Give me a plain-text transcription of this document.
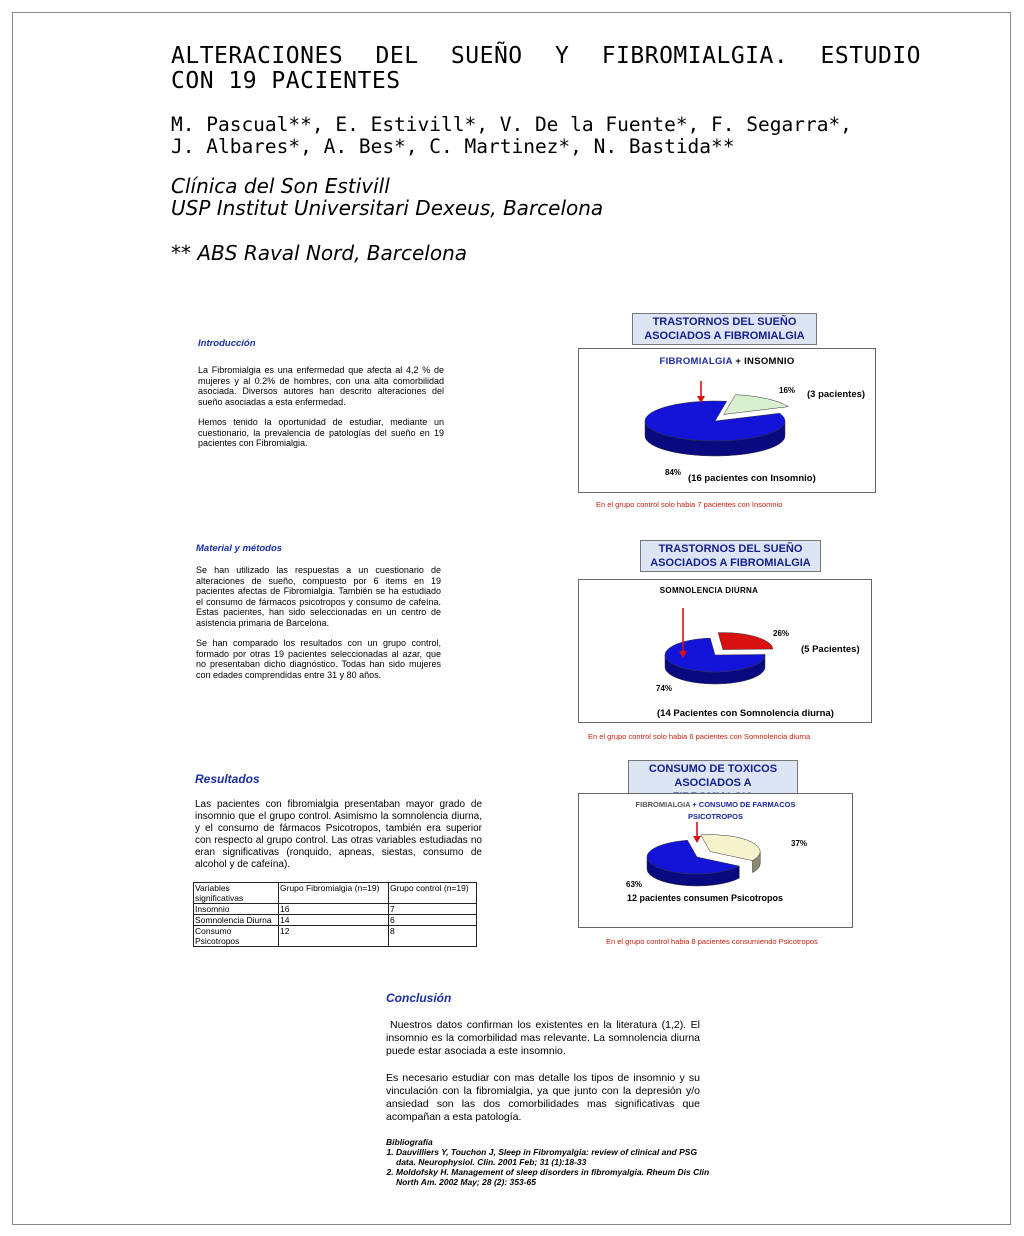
ALTERACIONES DEL SUEÑO Y FIBROMIALGIA. ESTUDIO
CON 19 PACIENTES
M. Pascual**, E. Estivill*, V. De la Fuente*, F. Segarra*,
J. Albares*, A. Bes*, C. Martinez*, N. Bastida**
Clínica del Son Estivill
USP Institut Universitari Dexeus, Barcelona
** ABS Raval Nord, Barcelona
Introducción

La Fibromialgia es una enfermedad que afecta al 4,2 % de mujeres y al 0.2% de hombres, con una alta comorbilidad asociada. Diversos autores han descrito alteraciones del sueño asociadas a esta enfermedad.

Hemos tenido la oportunidad de estudiar, mediante un cuestionario, la prevalencia de patologías del sueño en 19 pacientes con Fibromialgia.

Material y métodos

Se han utilizado las respuestas a un cuestionario de alteraciones de sueño, compuesto por 6 items en 19 pacientes afectas de Fibromialgia. También se ha estudiado el consumo de fármacos psicotropos y consumo de cafeína. Estas pacientes, han sido seleccionadas en un centro de asistencia primaria de Barcelona.

Se han comparado los resultados con un grupo control, formado por otras 19 pacientes seleccionadas al azar, que no presentaban dicho diagnóstico. Todas han sido mujeres con edades comprendidas entre 31 y 80 años.

Resultados

Las pacientes con fibromialgia presentaban mayor grado de insomnio que el grupo control. Asimismo la somnolencia diurna, y el consumo de fármacos Psicotropos, también era superior con respecto al grupo control. Las otras variables estudiadas no eran significativas (ronquido, apneas, siestas, consumo de alcohol y de cafeína).

Variables significativas	Grupo Fibromialgia (n=19)	Grupo control (n=19)
Insomnio	16	7
Somnolencia Diurna	14	6
Consumo Psicotropos	12	8
Conclusión

Nuestros datos confirman los existentes en la literatura (1,2). El insomnio es la comorbilidad mas relevante. La somnolencia diurna puede estar asociada a este insomnio.

Es necesario estudiar con mas detalle los tipos de insomnio y su vinculación con la fibromialgia, ya que junto con la depresión y/o ansiedad son las dos comorbilidades mas significativas que acompañan a esta patología.

Bibliografía
1. Dauvilliers Y, Touchon J, Sleep in Fibromyalgia: review of clinical and PSG data. Neurophysiol. Clin. 2001 Feb; 31 (1):18-33
2. Moldofsky H. Management of sleep disorders in fibromyalgia. Rheum Dis Clin North Am. 2002 May; 28 (2): 353-65
TRASTORNOS DEL SUEÑO
ASOCIADOS A FIBROMIALGIA
FIBROMIALGIA + INSOMNIO
16%
84%
(3 pacientes)
(16 pacientes con Insomnio)
En el grupo control solo habia 7 pacientes con Insomnio
TRASTORNOS DEL SUEÑO
ASOCIADOS A FIBROMIALGIA
SOMNOLENCIA DIURNA
26%
74%
(5 Pacientes)
(14 Pacientes con Somnolencia diurna)
En el grupo control solo habia 6 pacientes con Somnolencia diurna
CONSUMO DE TOXICOS
ASOCIADOS A
FIBROMIALGIA + CONSUMO DE FARMACOS
PSICOTROPOS
37%
63%
12 pacientes consumen Psicotropos
En el grupo control habia 8 pacientes consumiendo Psicotropos
